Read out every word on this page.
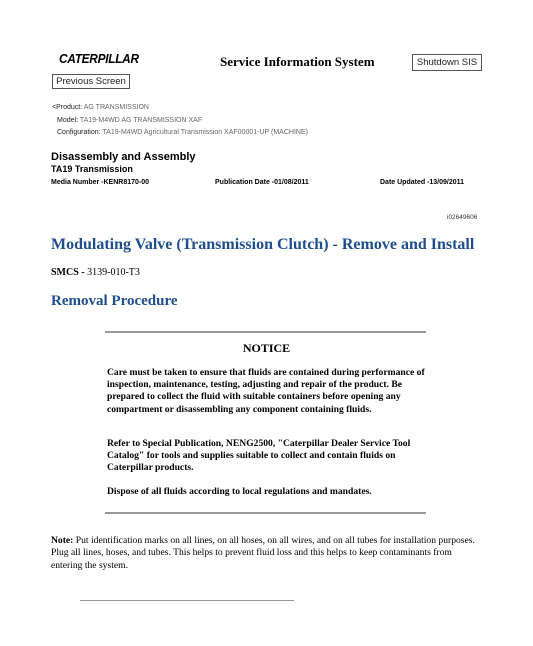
CATERPILLAR	Service Information System	Shutdown SIS
Previous Screen
<Product: AG TRANSMISSION
Model: TA19-M4WD AG TRANSMISSION XAF
Configuration: TA19-M4WD Agricultural Transmission XAF00001-UP (MACHINE)
Disassembly and Assembly
TA19 Transmission
Media Number -KENR8170-00	Publication Date -01/08/2011	Date Updated -13/09/2011
i02649606
Modulating Valve (Transmission Clutch) - Remove and Install
SMCS - 3139-010-T3
Removal Procedure
NOTICE

Care must be taken to ensure that fluids are contained during performance of inspection, maintenance, testing, adjusting and repair of the product. Be prepared to collect the fluid with suitable containers before opening any compartment or disassembling any component containing fluids.

Refer to Special Publication, NENG2500, "Caterpillar Dealer Service Tool Catalog" for tools and supplies suitable to collect and contain fluids on Caterpillar products.

Dispose of all fluids according to local regulations and mandates.

Note: Put identification marks on all lines, on all hoses, on all wires, and on all tubes for installation purposes. Plug all lines, hoses, and tubes. This helps to prevent fluid loss and this helps to keep contaminants from entering the system.
